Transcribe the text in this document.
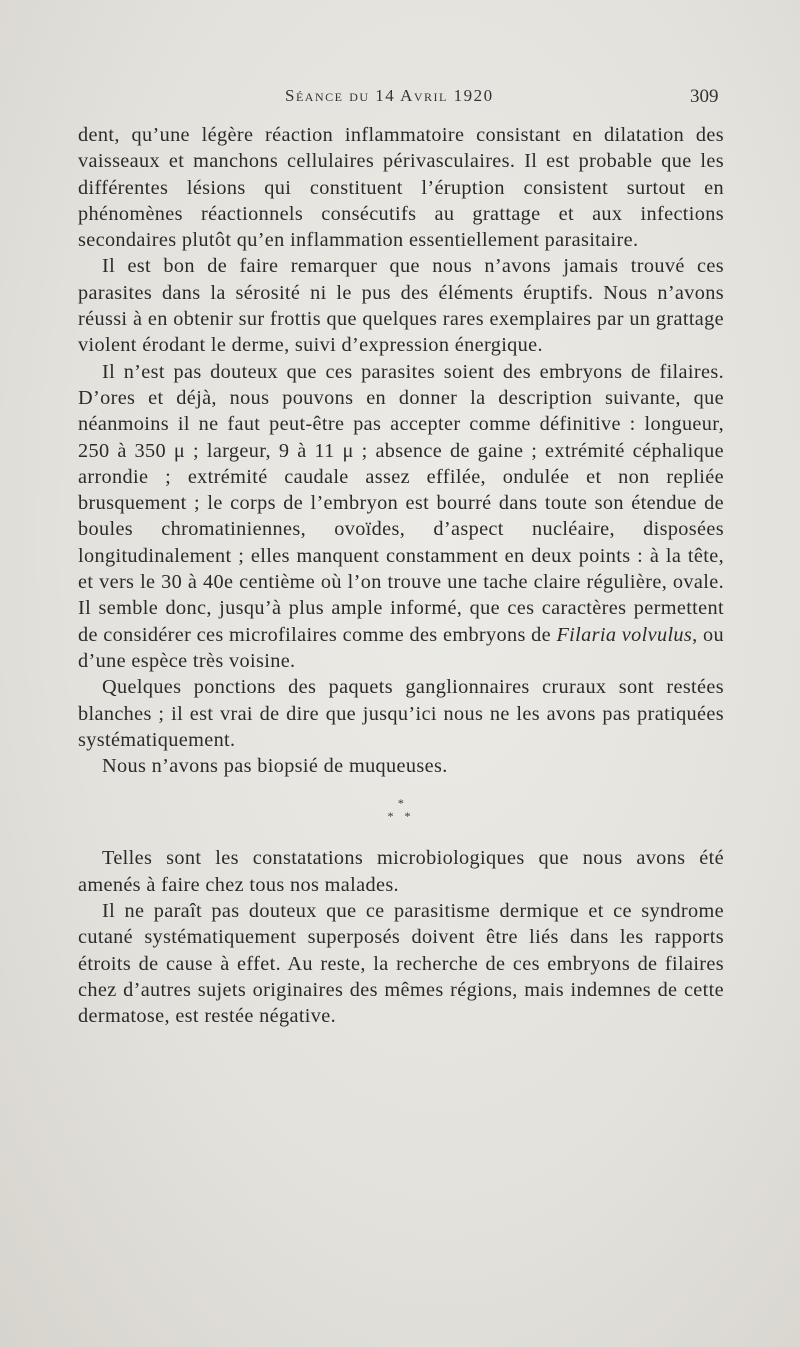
Séance du 14 Avril 1920	309

dent, qu’une légère réaction inflammatoire consistant en dilatation des vaisseaux et manchons cellulaires périvasculaires. Il est probable que les différentes lésions qui constituent l’éruption consistent surtout en phénomènes réactionnels consécutifs au grattage et aux infections secondaires plutôt qu’en inflammation essentiellement parasitaire.

Il est bon de faire remarquer que nous n’avons jamais trouvé ces parasites dans la sérosité ni le pus des éléments éruptifs. Nous n’avons réussi à en obtenir sur frottis que quelques rares exemplaires par un grattage violent érodant le derme, suivi d’expression énergique.

Il n’est pas douteux que ces parasites soient des embryons de filaires. D’ores et déjà, nous pouvons en donner la description suivante, que néanmoins il ne faut peut-être pas accepter comme définitive : longueur, 250 à 350 μ ; largeur, 9 à 11 μ ; absence de gaine ; extrémité céphalique arrondie ; extrémité caudale assez effilée, ondulée et non repliée brusquement ; le corps de l’embryon est bourré dans toute son étendue de boules chromatiniennes, ovoïdes, d’aspect nucléaire, disposées longitudinalement ; elles manquent constamment en deux points : à la tête, et vers le 30 à 40e centième où l’on trouve une tache claire régulière, ovale. Il semble donc, jusqu’à plus ample informé, que ces caractères permettent de considérer ces microfilaires comme des embryons de Filaria volvulus, ou d’une espèce très voisine.

Quelques ponctions des paquets ganglionnaires cruraux sont restées blanches ; il est vrai de dire que jusqu’ici nous ne les avons pas pratiquées systématiquement.

Nous n’avons pas biopsié de muqueuses.

*
* *

Telles sont les constatations microbiologiques que nous avons été amenés à faire chez tous nos malades.

Il ne paraît pas douteux que ce parasitisme dermique et ce syndrome cutané systématiquement superposés doivent être liés dans les rapports étroits de cause à effet. Au reste, la recherche de ces embryons de filaires chez d’autres sujets originaires des mêmes régions, mais indemnes de cette dermatose, est restée négative.
